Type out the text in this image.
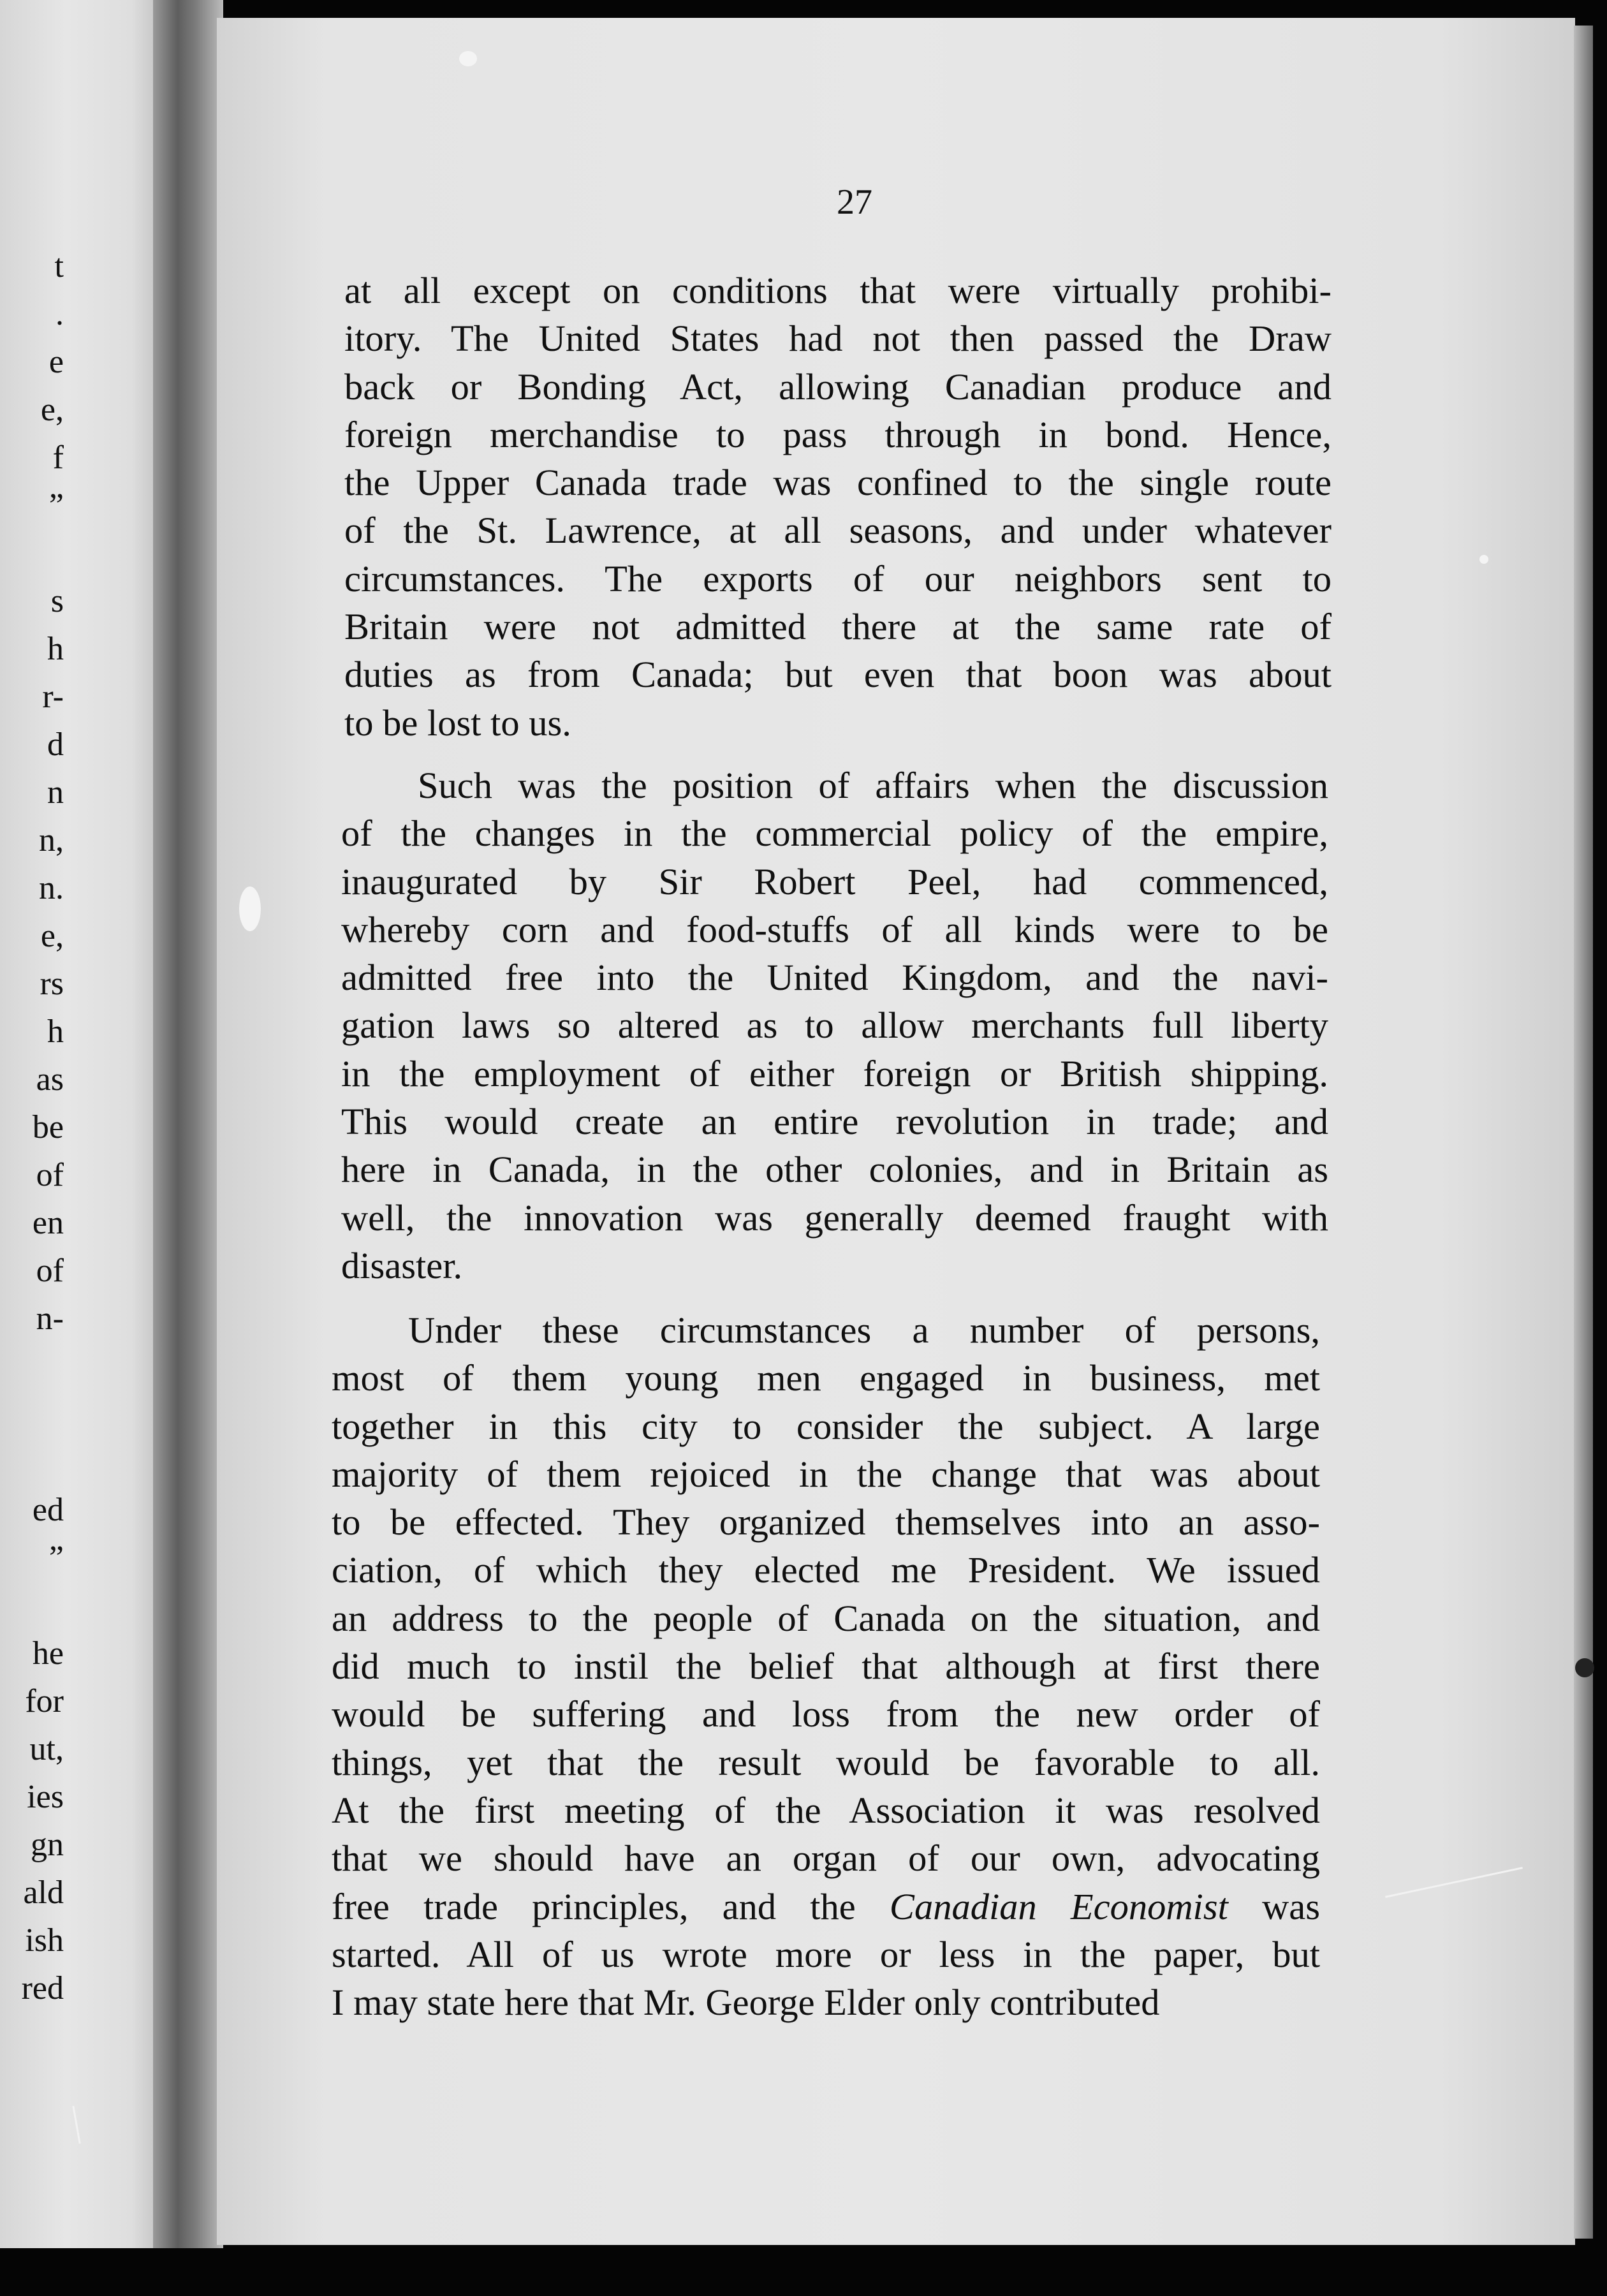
t
.
e
e,
f
”
s
h
r-
d
n
n,
n.
e,
rs
h
as
be
of
en
of
n-
ed
”
he
for
ut,
ies
gn
ald
ish
red
27
at all except on conditions that were virtually prohibi-
itory. The United States had not then passed the Draw
back or Bonding Act, allowing Canadian produce and
foreign merchandise to pass through in bond. Hence,
the Upper Canada trade was confined to the single route
of the St. Lawrence, at all seasons, and under whatever
circumstances. The exports of our neighbors sent to
Britain were not admitted there at the same rate of
duties as from Canada; but even that boon was about
to be lost to us.
Such was the position of affairs when the discussion
of the changes in the commercial policy of the empire,
inaugurated by Sir Robert Peel, had commenced,
whereby corn and food-stuffs of all kinds were to be
admitted free into the United Kingdom, and the navi-
gation laws so altered as to allow merchants full liberty
in the employment of either foreign or British shipping.
This would create an entire revolution in trade; and
here in Canada, in the other colonies, and in Britain as
well, the innovation was generally deemed fraught with
disaster.
Under these circumstances a number of persons,
most of them young men engaged in business, met
together in this city to consider the subject. A large
majority of them rejoiced in the change that was about
to be effected. They organized themselves into an asso-
ciation, of which they elected me President. We issued
an address to the people of Canada on the situation, and
did much to instil the belief that although at first there
would be suffering and loss from the new order of
things, yet that the result would be favorable to all.
At the first meeting of the Association it was resolved
that we should have an organ of our own, advocating
free trade principles, and the Canadian Economist was
started. All of us wrote more or less in the paper, but
I may state here that Mr. George Elder only contributed
